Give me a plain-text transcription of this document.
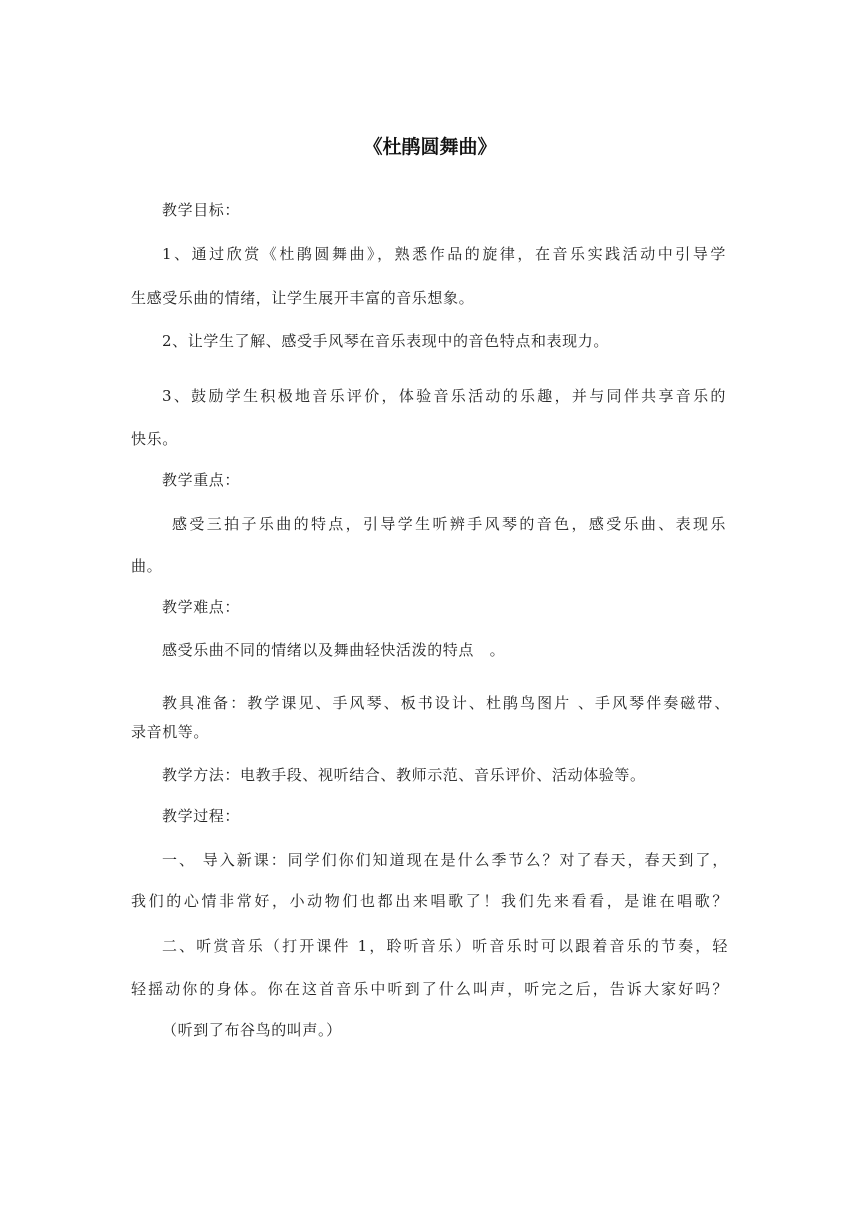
《杜鹃圆舞曲》
教学目标：
1、通过欣赏《杜鹃圆舞曲》，熟悉作品的旋律，在音乐实践活动中引导学
生感受乐曲的情绪，让学生展开丰富的音乐想象。
2、让学生了解、感受手风琴在音乐表现中的音色特点和表现力。
3、鼓励学生积极地音乐评价，体验音乐活动的乐趣，并与同伴共享音乐的
快乐。
教学重点：
感受三拍子乐曲的特点，引导学生听辨手风琴的音色，感受乐曲、表现乐
曲。
教学难点：
感受乐曲不同的情绪以及舞曲轻快活泼的特点　。
教具准备：教学课见、手风琴、板书设计、杜鹃鸟图片 、手风琴伴奏磁带、
录音机等。
教学方法：电教手段、视听结合、教师示范、音乐评价、活动体验等。
教学过程：
一、 导入新课：同学们你们知道现在是什么季节么？对了春天，春天到了，
我们的心情非常好，小动物们也都出来唱歌了！我们先来看看，是谁在唱歌？
二、听赏音乐（打开课件 1，聆听音乐）听音乐时可以跟着音乐的节奏，轻
轻摇动你的身体。你在这首音乐中听到了什么叫声，听完之后，告诉大家好吗？
（听到了布谷鸟的叫声。）
